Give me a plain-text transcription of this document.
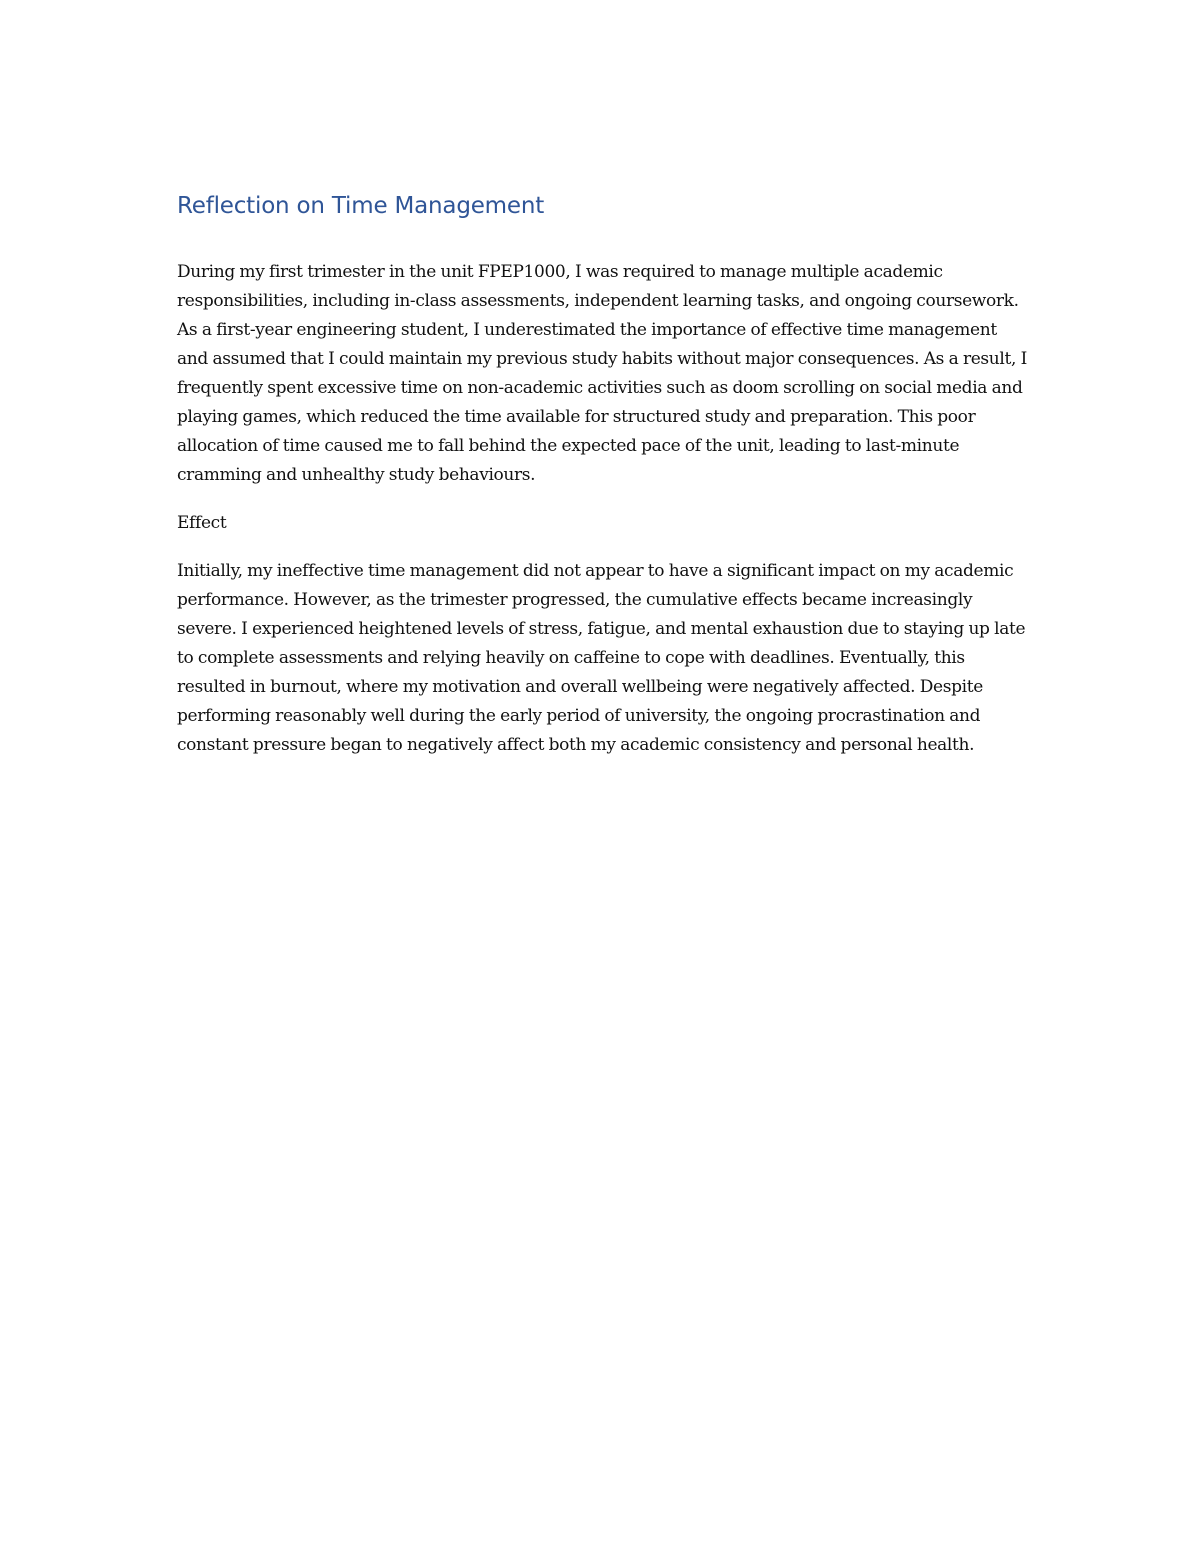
Reflection on Time Management

During my first trimester in the unit FPEP1000, I was required to manage multiple academic responsibilities, including in-class assessments, independent learning tasks, and ongoing coursework. As a first-year engineering student, I underestimated the importance of effective time management and assumed that I could maintain my previous study habits without major consequences. As a result, I frequently spent excessive time on non-academic activities such as doom scrolling on social media and playing games, which reduced the time available for structured study and preparation. This poor allocation of time caused me to fall behind the expected pace of the unit, leading to last-minute cramming and unhealthy study behaviours.

Effect

Initially, my ineffective time management did not appear to have a significant impact on my academic performance. However, as the trimester progressed, the cumulative effects became increasingly severe. I experienced heightened levels of stress, fatigue, and mental exhaustion due to staying up late to complete assessments and relying heavily on caffeine to cope with deadlines. Eventually, this resulted in burnout, where my motivation and overall wellbeing were negatively affected. Despite performing reasonably well during the early period of university, the ongoing procrastination and constant pressure began to negatively affect both my academic consistency and personal health.
